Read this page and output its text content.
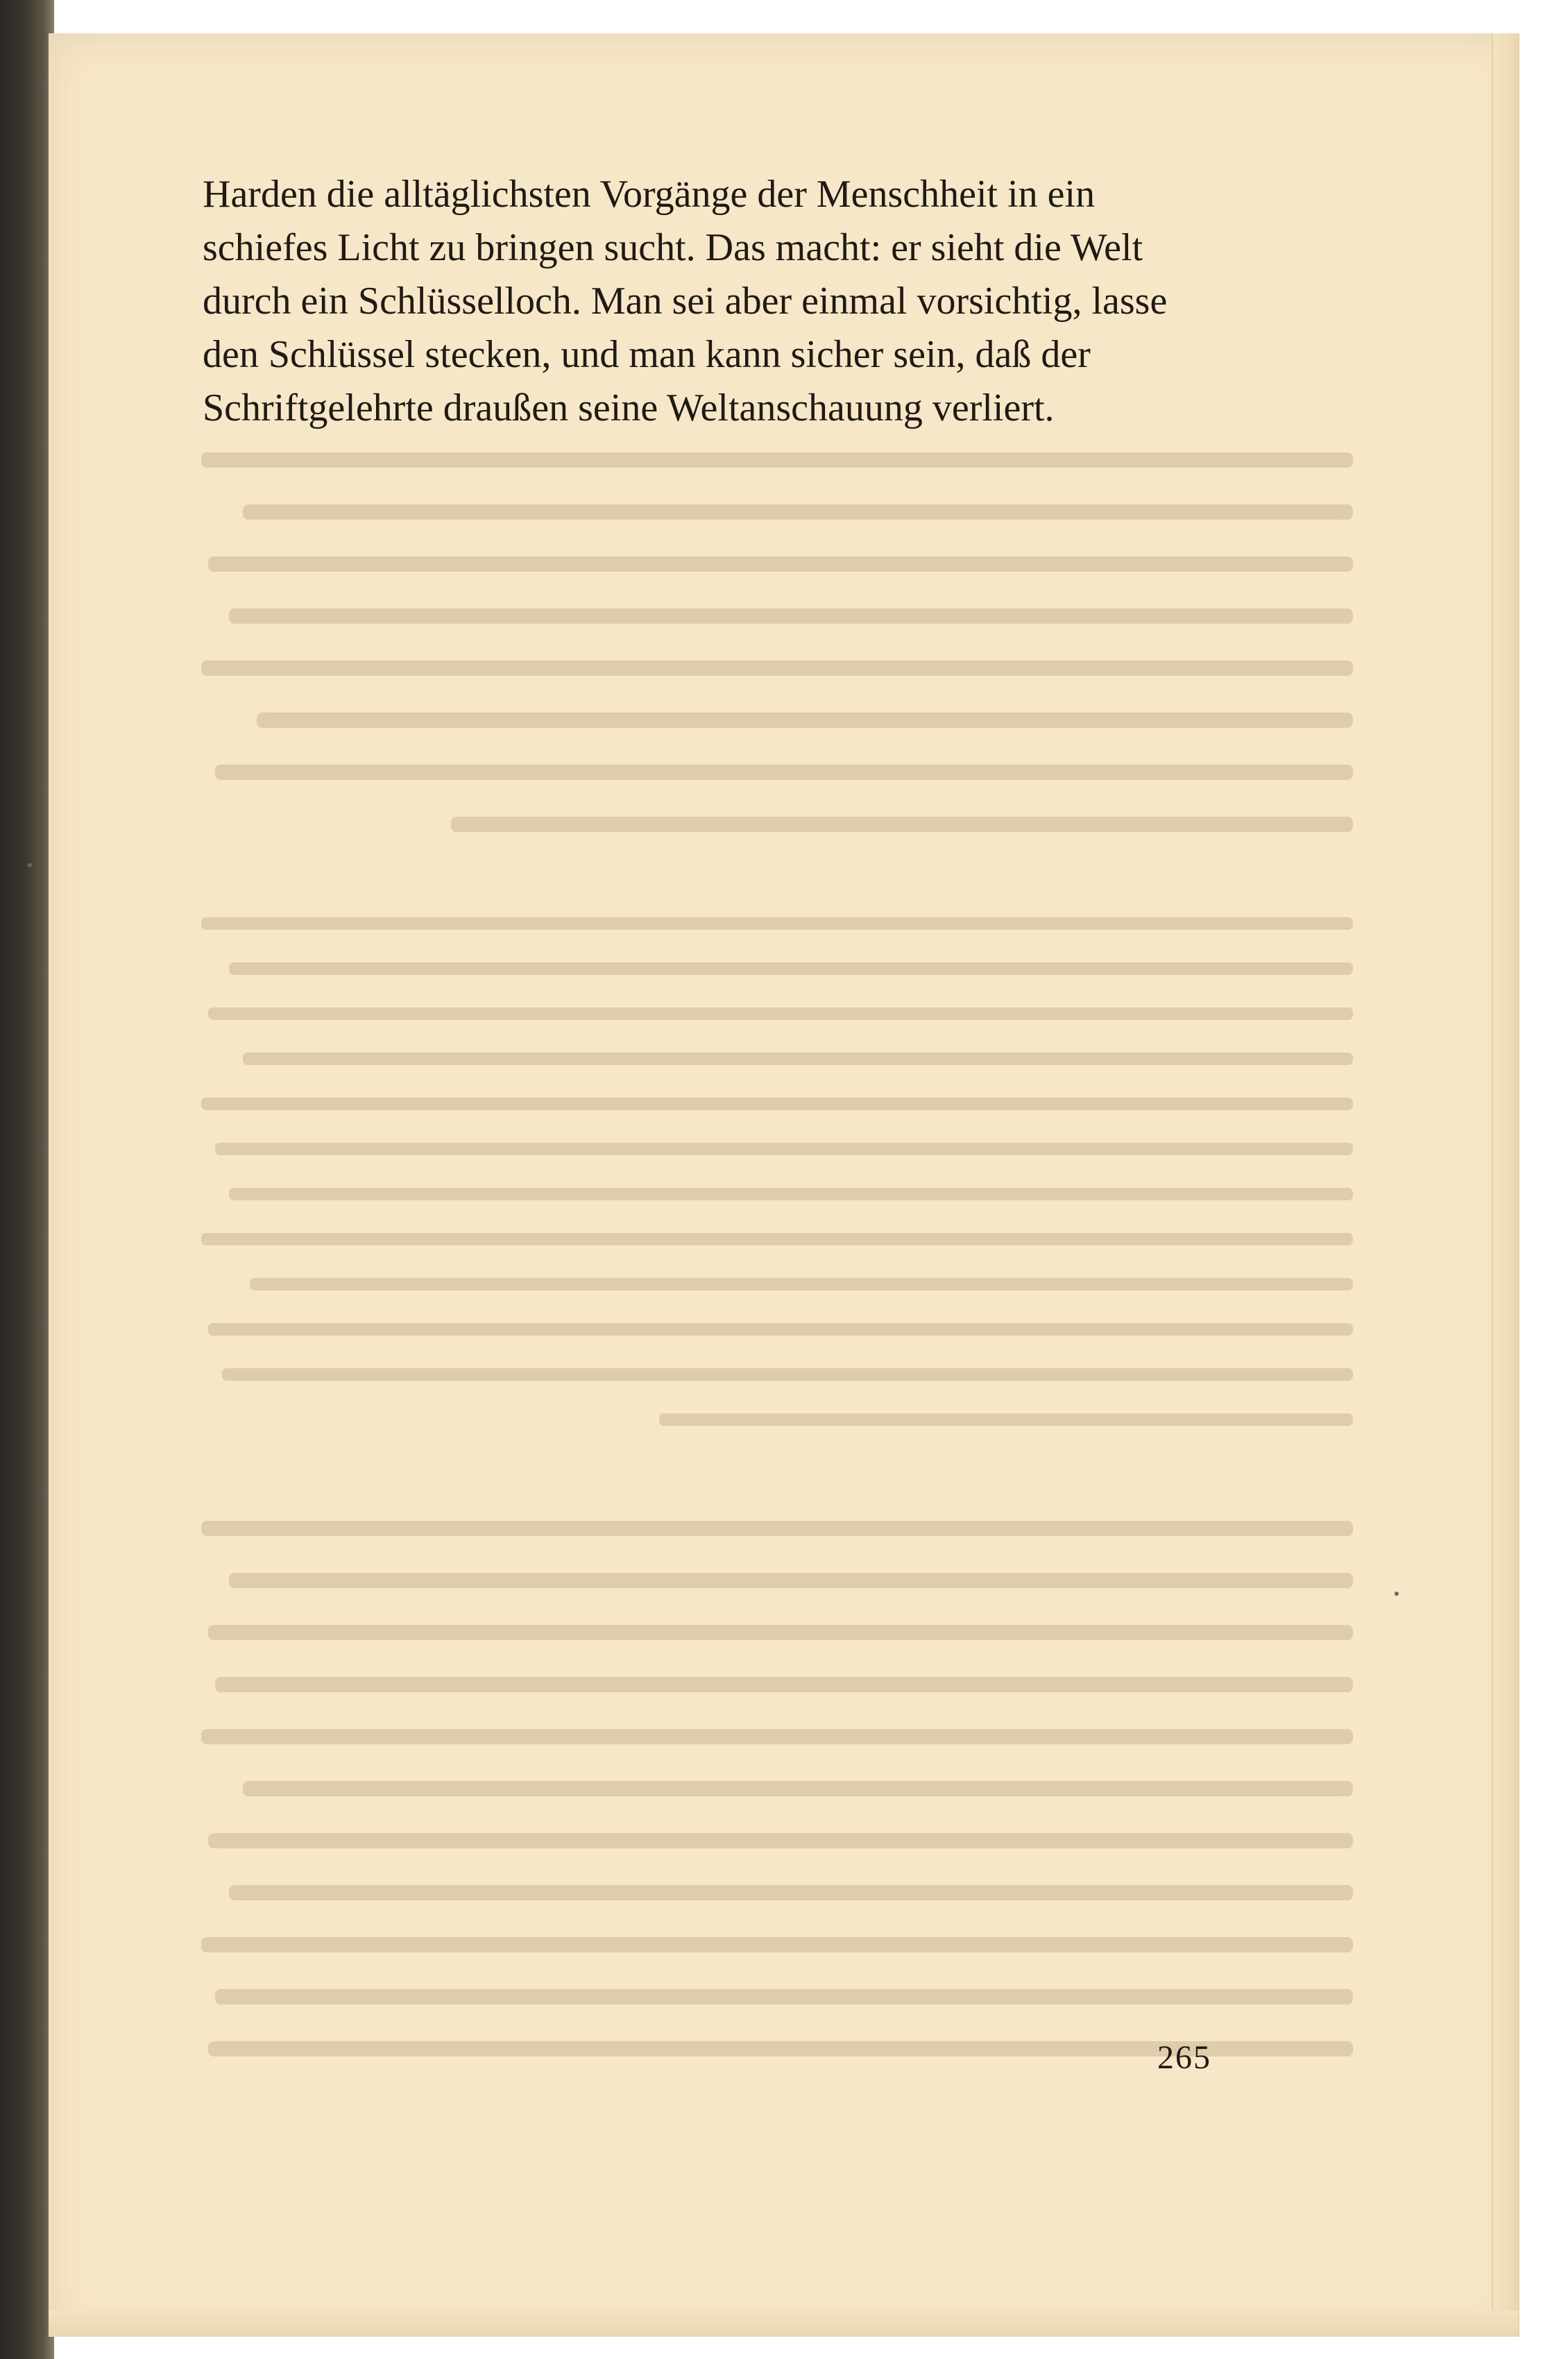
Harden die alltäglichsten Vorgänge der Menschheit in ein
schiefes Licht zu bringen sucht. Das macht: er sieht die Welt
durch ein Schlüsselloch. Man sei aber einmal vorsichtig, lasse
den Schlüssel stecken, und man kann sicher sein, daß der
Schriftgelehrte draußen seine Weltanschauung verliert.
265
